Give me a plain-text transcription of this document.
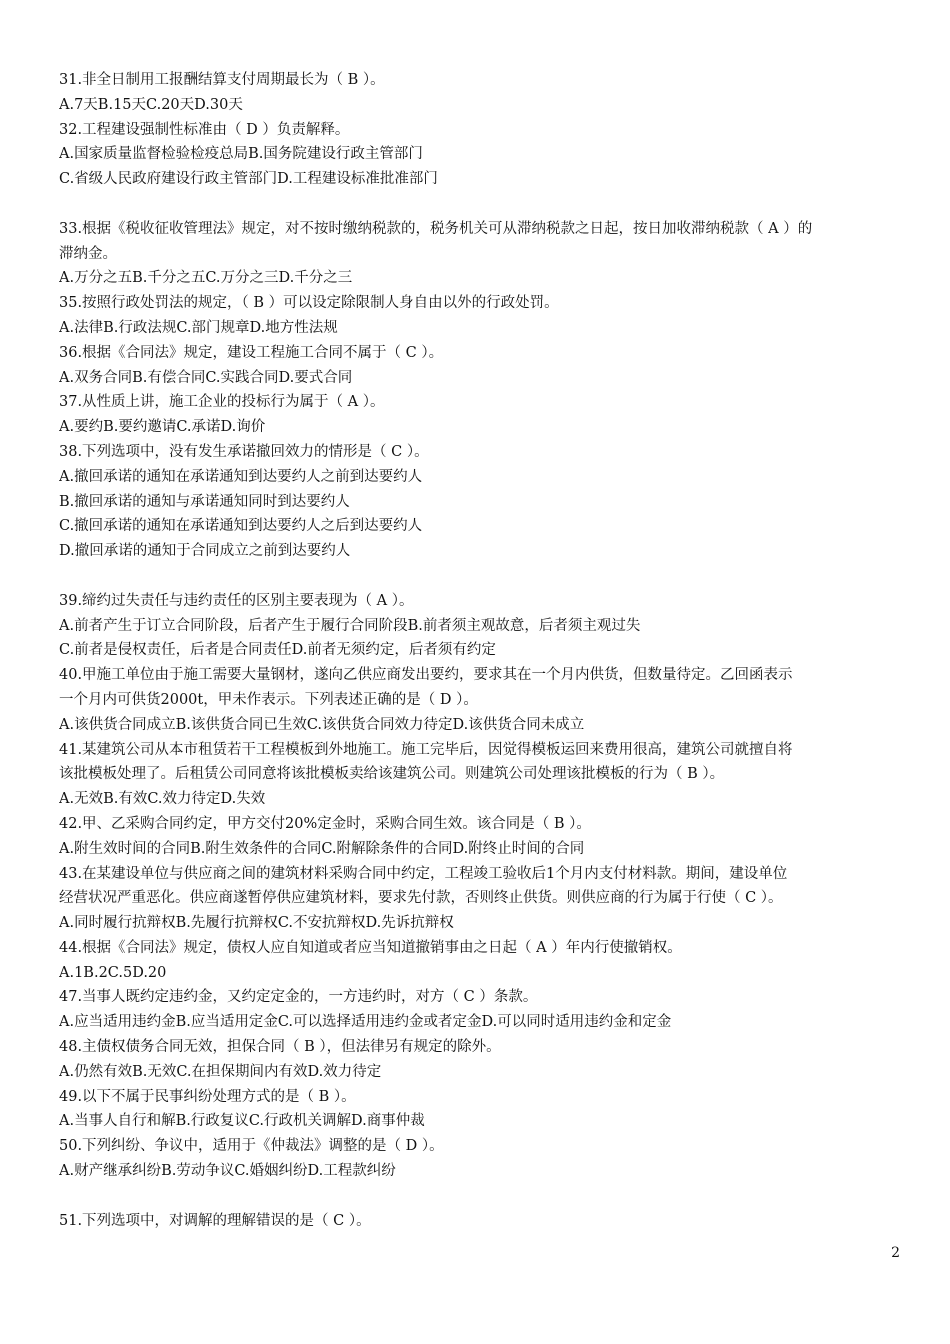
31.非全日制用工报酬结算支付周期最长为（ B ）。
A.7天B.15天C.20天D.30天
32.工程建设强制性标准由（ D ）负责解释。
A.国家质量监督检验检疫总局B.国务院建设行政主管部门
C.省级人民政府建设行政主管部门D.工程建设标准批准部门
33.根据《税收征收管理法》规定，对不按时缴纳税款的，税务机关可从滞纳税款之日起，按日加收滞纳税款（ A ）的
滞纳金。
A.万分之五B.千分之五C.万分之三D.千分之三
35.按照行政处罚法的规定，（ B ）可以设定除限制人身自由以外的行政处罚。
A.法律B.行政法规C.部门规章D.地方性法规
36.根据《合同法》规定，建设工程施工合同不属于（ C ）。
A.双务合同B.有偿合同C.实践合同D.要式合同
37.从性质上讲，施工企业的投标行为属于（ A ）。
A.要约B.要约邀请C.承诺D.询价
38.下列选项中，没有发生承诺撤回效力的情形是（ C ）。
A.撤回承诺的通知在承诺通知到达要约人之前到达要约人
B.撤回承诺的通知与承诺通知同时到达要约人
C.撤回承诺的通知在承诺通知到达要约人之后到达要约人
D.撤回承诺的通知于合同成立之前到达要约人
39.缔约过失责任与违约责任的区别主要表现为（ A ）。
A.前者产生于订立合同阶段，后者产生于履行合同阶段B.前者须主观故意，后者须主观过失
C.前者是侵权责任，后者是合同责任D.前者无须约定，后者须有约定
40.甲施工单位由于施工需要大量钢材，遂向乙供应商发出要约，要求其在一个月内供货，但数量待定。乙回函表示
一个月内可供货2000t，甲未作表示。下列表述正确的是（ D ）。
A.该供货合同成立B.该供货合同已生效C.该供货合同效力待定D.该供货合同未成立
41.某建筑公司从本市租赁若干工程模板到外地施工。施工完毕后，因觉得模板运回来费用很高，建筑公司就擅自将
该批模板处理了。后租赁公司同意将该批模板卖给该建筑公司。则建筑公司处理该批模板的行为（ B ）。
A.无效B.有效C.效力待定D.失效
42.甲、乙采购合同约定，甲方交付20%定金时，采购合同生效。该合同是（ B ）。
A.附生效时间的合同B.附生效条件的合同C.附解除条件的合同D.附终止时间的合同
43.在某建设单位与供应商之间的建筑材料采购合同中约定，工程竣工验收后1个月内支付材料款。期间，建设单位
经营状况严重恶化。供应商遂暂停供应建筑材料，要求先付款，否则终止供货。则供应商的行为属于行使（ C ）。
A.同时履行抗辩权B.先履行抗辩权C.不安抗辩权D.先诉抗辩权
44.根据《合同法》规定，债权人应自知道或者应当知道撤销事由之日起（ A ）年内行使撤销权。
A.1B.2C.5D.20
47.当事人既约定违约金，又约定定金的，一方违约时，对方（ C ）条款。
A.应当适用违约金B.应当适用定金C.可以选择适用违约金或者定金D.可以同时适用违约金和定金
48.主债权债务合同无效，担保合同（ B ），但法律另有规定的除外。
A.仍然有效B.无效C.在担保期间内有效D.效力待定
49.以下不属于民事纠纷处理方式的是（ B ）。
A.当事人自行和解B.行政复议C.行政机关调解D.商事仲裁
50.下列纠纷、争议中，适用于《仲裁法》调整的是（ D ）。
A.财产继承纠纷B.劳动争议C.婚姻纠纷D.工程款纠纷
51.下列选项中，对调解的理解错误的是（ C ）。
2
